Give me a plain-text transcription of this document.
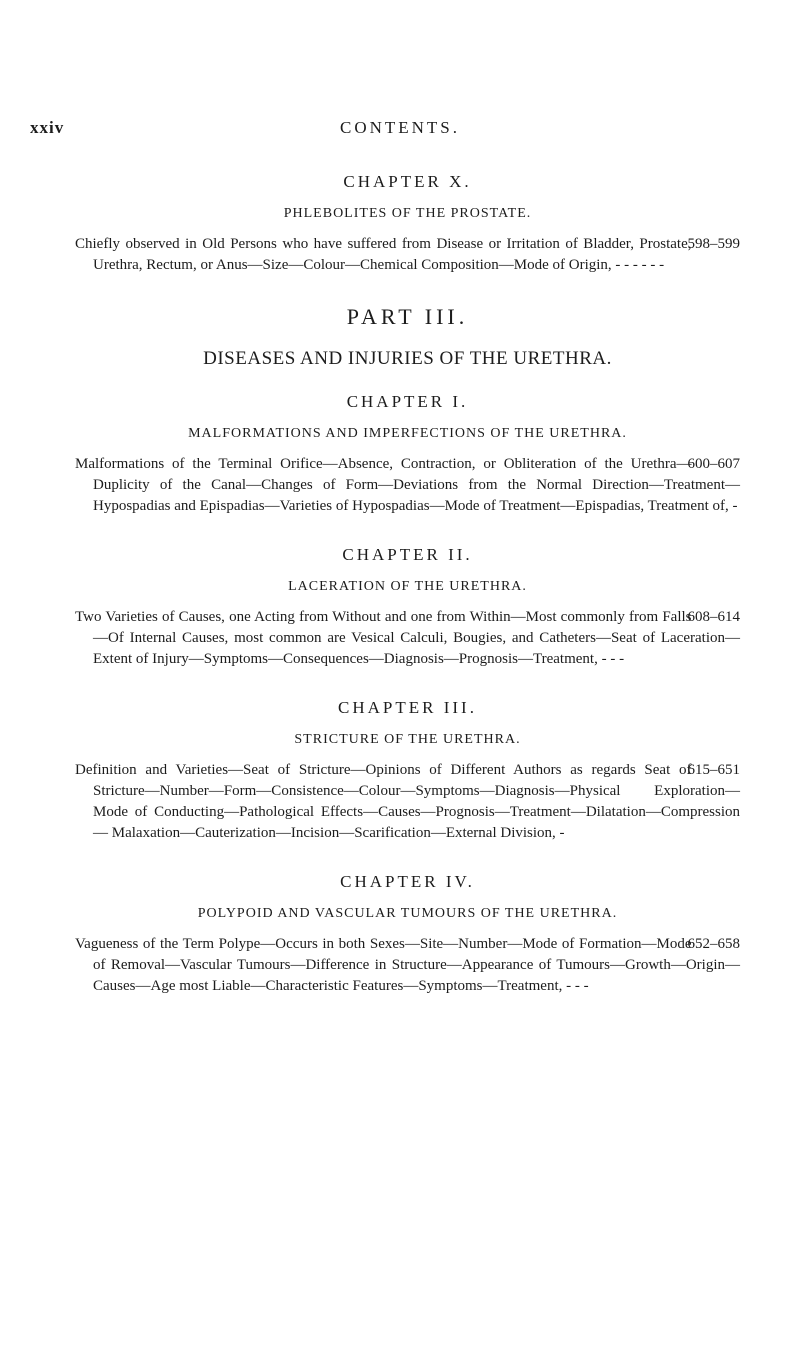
xxiv	CONTENTS.
CHAPTER X.
PHLEBOLITES OF THE PROSTATE.

598–599
Chiefly observed in Old Persons who have suffered from Disease or Irritation of Bladder, Prostate, Urethra, Rectum, or Anus—Size—Colour—Chemical Composition—Mode of Origin, - - - - - -

PART III.
DISEASES AND INJURIES OF THE URETHRA.
CHAPTER I.
MALFORMATIONS AND IMPERFECTIONS OF THE URETHRA.

600–607
Malformations of the Terminal Orifice—Absence, Contraction, or Obliteration of the Urethra—Duplicity of the Canal—Changes of Form—Deviations from the Normal Direction—Treatment—Hypospadias and Epispadias—Varieties of Hypospadias—Mode of Treatment—Epispadias, Treatment of, -

CHAPTER II.
LACERATION OF THE URETHRA.

608–614
Two Varieties of Causes, one Acting from Without and one from Within—Most commonly from Falls—Of Internal Causes, most common are Vesical Calculi, Bougies, and Catheters—Seat of Laceration—Extent of Injury—Symptoms—Consequences—Diagnosis—Prognosis—Treatment, - - -

CHAPTER III.
STRICTURE OF THE URETHRA.

615–651
Definition and Varieties—Seat of Stricture—Opinions of Different Authors as regards Seat of Stricture—Number—Form—Consistence—Colour—Symptoms—Diagnosis—Physical Exploration—Mode of Conducting—Pathological Effects—Causes—Prognosis—Treatment—Dilatation—Compression — Malaxation—Cauterization—Incision—Scarification—External Division, -

CHAPTER IV.
POLYPOID AND VASCULAR TUMOURS OF THE URETHRA.

652–658
Vagueness of the Term Polype—Occurs in both Sexes—Site—Number—Mode of Formation—Mode of Removal—Vascular Tumours—Difference in Structure—Appearance of Tumours—Growth—Origin—Causes—Age most Liable—Characteristic Features—Symptoms—Treatment, - - -
